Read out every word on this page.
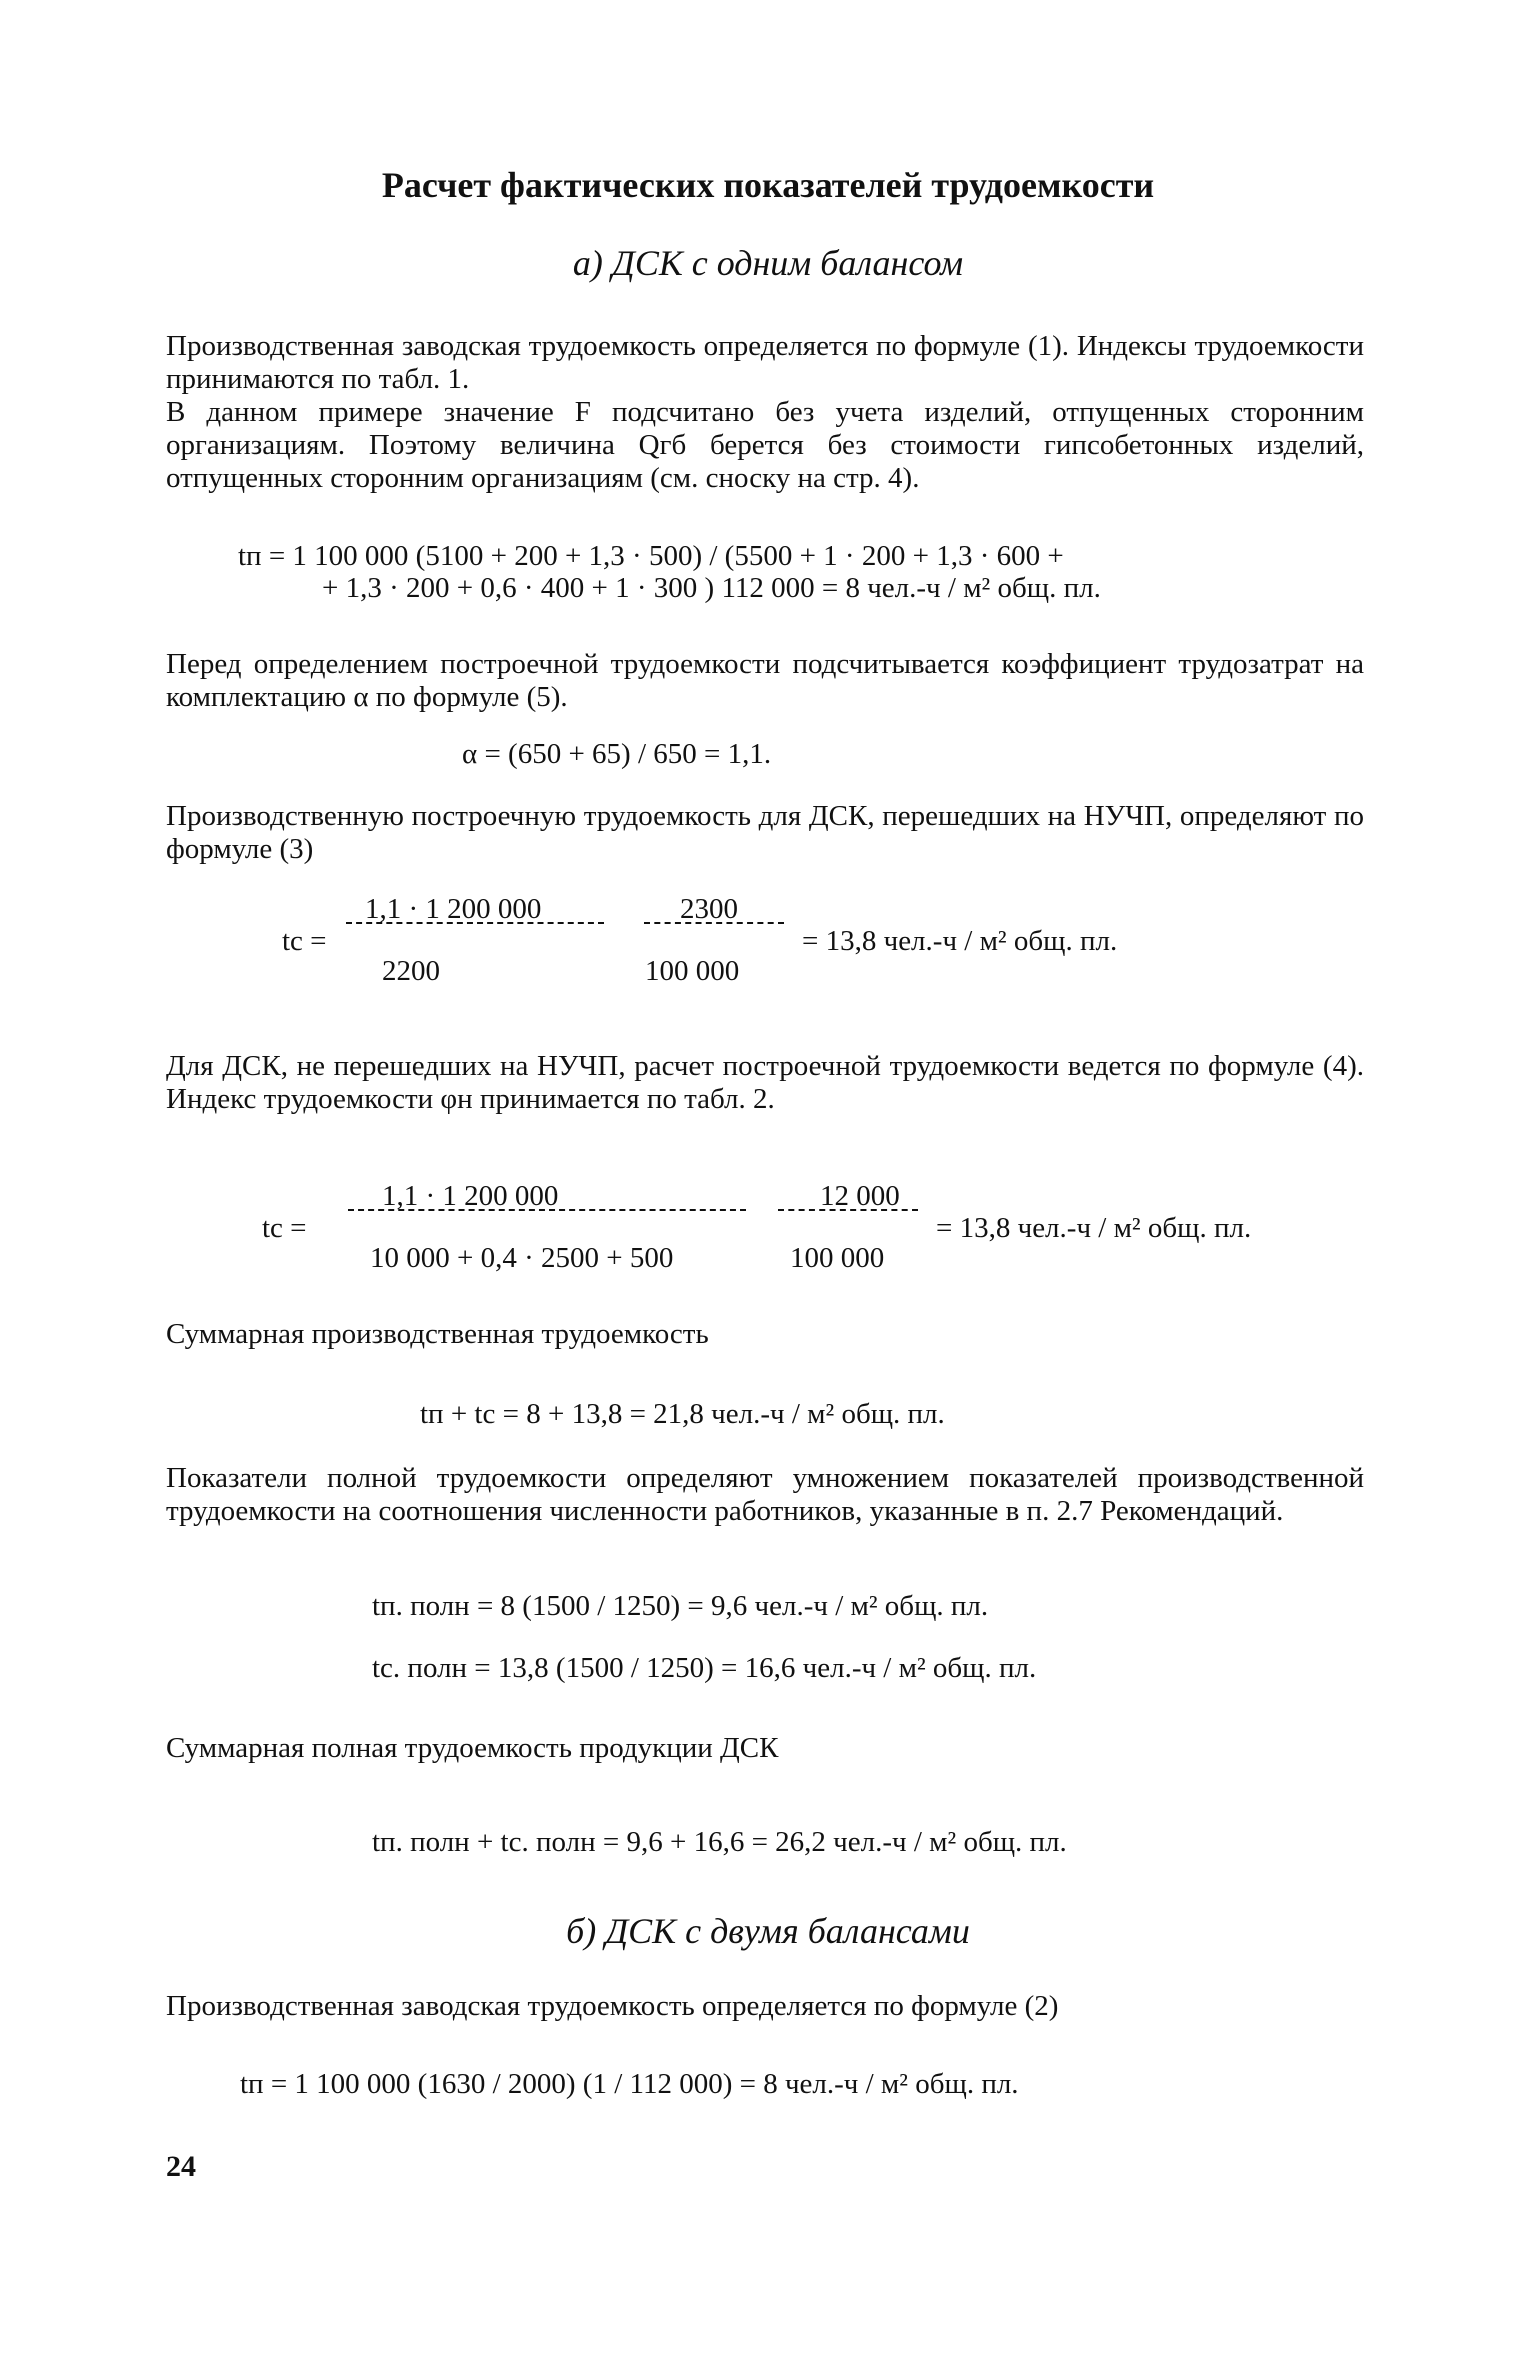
Расчет фактических показателей трудоемкости
а) ДСК с одним балансом
Производственная заводская трудоемкость определяется по формуле (1). Индексы трудоемкости принимаются по табл. 1.
В данном примере значение F подсчитано без учета изделий, отпущенных сторонним организациям. Поэтому величина Qгб берется без стоимости гипсобетонных изделий, отпущенных сторонним организациям (см. сноску на стр. 4).
tп = 1 100 000 (5100 + 200 + 1,3 · 500) / (5500 + 1 · 200 + 1,3 · 600 +
+ 1,3 · 200 + 0,6 · 400 + 1 · 300 ) 112 000 = 8 чел.-ч / м² общ. пл.
Перед определением построечной трудоемкости подсчитывается коэффициент трудозатрат на комплектацию α по формуле (5).
α = (650 + 65) / 650 = 1,1.
Производственную построечную трудоемкость для ДСК, перешедших на НУЧП, определяют по формуле (3)
1,1 · 1 200 000
tс =
2200
2300
100 000
= 13,8 чел.-ч / м² общ. пл.
Для ДСК, не перешедших на НУЧП, расчет построечной трудоемкости ведется по формуле (4). Индекс трудоемкости φн принимается по табл. 2.
1,1 · 1 200 000
tс =
10 000 + 0,4 · 2500 + 500
12 000
100 000
= 13,8 чел.-ч / м² общ. пл.
Суммарная производственная трудоемкость
tп + tс = 8 + 13,8 = 21,8 чел.-ч / м² общ. пл.
Показатели полной трудоемкости определяют умножением показателей производственной трудоемкости на соотношения численности работников, указанные в п. 2.7 Рекомендаций.
tп. полн = 8 (1500 / 1250) = 9,6 чел.-ч / м² общ. пл.
tс. полн = 13,8 (1500 / 1250) = 16,6 чел.-ч / м² общ. пл.
Суммарная полная трудоемкость продукции ДСК
tп. полн + tс. полн = 9,6 + 16,6 = 26,2 чел.-ч / м² общ. пл.
б) ДСК с двумя балансами
Производственная заводская трудоемкость определяется по формуле (2)
tп = 1 100 000 (1630 / 2000) (1 / 112 000) = 8 чел.-ч / м² общ. пл.
24
